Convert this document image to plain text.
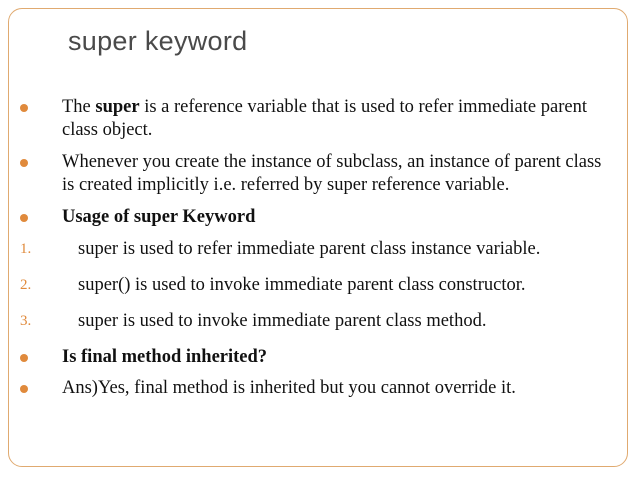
super keyword
The super is a reference variable that is used to refer immediate parent class object.
Whenever you create the instance of subclass, an instance of parent class is created implicitly i.e. referred by super reference variable.
Usage of super Keyword
1.	super is used to refer immediate parent class instance variable.
2.	super() is used to invoke immediate parent class constructor.
3.	super is used to invoke immediate parent class method.
Is final method inherited?
Ans)Yes, final method is inherited but you cannot override it.
